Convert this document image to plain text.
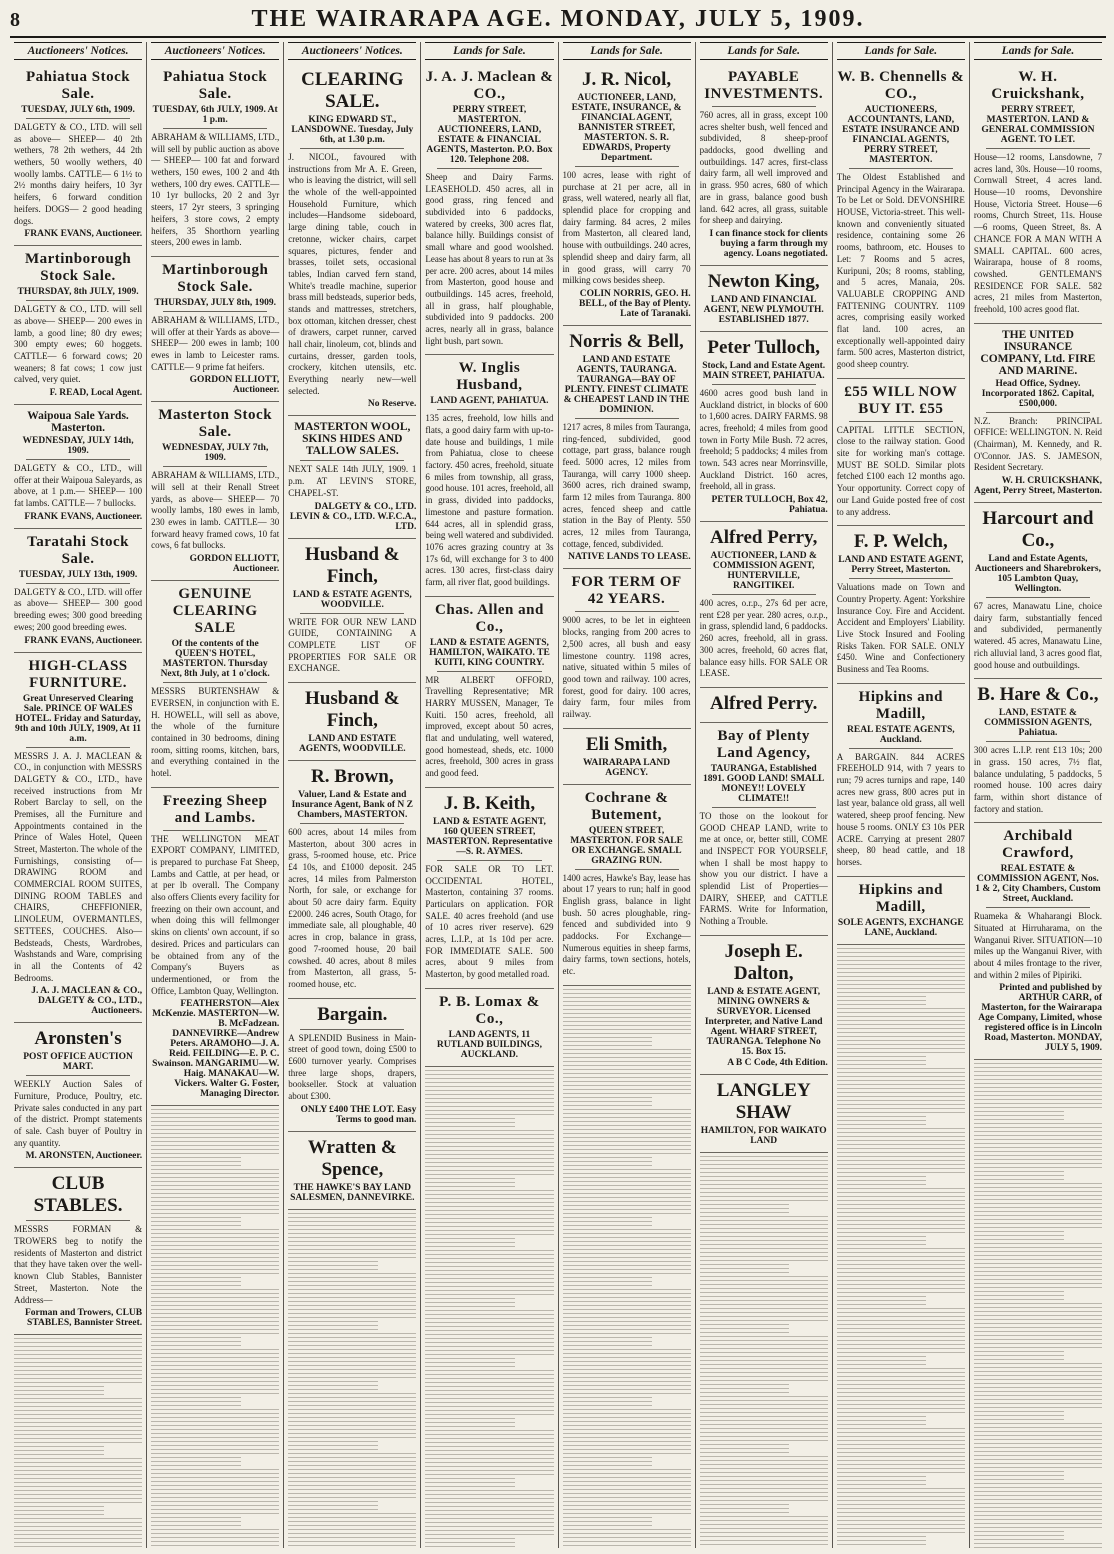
8	THE WAIRARAPA AGE. MONDAY, JULY 5, 1909.
Auctioneers' Notices.
Pahiatua Stock Sale.
TUESDAY, JULY 6th, 1909.
DALGETY & CO., LTD. will sell as above— SHEEP— 40 2th wethers, 78 2th wethers, 44 2th wethers, 50 woolly wethers, 40 woolly lambs. CATTLE— 6 1½ to 2½ months dairy heifers, 10 3yr heifers, 6 forward condition heifers. DOGS— 2 good heading dogs.
FRANK EVANS, Auctioneer.
Martinborough Stock Sale.
THURSDAY, 8th JULY, 1909.
DALGETY & CO., LTD. will sell as above— SHEEP— 200 ewes in lamb, a good line; 80 dry ewes; 300 empty ewes; 60 hoggets. CATTLE— 6 forward cows; 20 weaners; 8 fat cows; 1 cow just calved, very quiet.
F. READ, Local Agent.
Waipoua Sale Yards. Masterton.
WEDNESDAY, JULY 14th, 1909.
DALGETY & CO., LTD., will offer at their Waipoua Saleyards, as above, at 1 p.m.— SHEEP— 100 fat lambs. CATTLE— 7 bullocks.
FRANK EVANS, Auctioneer.
Taratahi Stock Sale.
TUESDAY, JULY 13th, 1909.
DALGETY & CO., LTD. will offer as above— SHEEP— 300 good breeding ewes; 300 good breeding ewes; 200 good breeding ewes.
FRANK EVANS, Auctioneer.
HIGH-CLASS FURNITURE.
Great Unreserved Clearing Sale. PRINCE OF WALES HOTEL. Friday and Saturday, 9th and 10th JULY, 1909, At 11 a.m.
MESSRS J. A. J. MACLEAN & CO., in conjunction with MESSRS DALGETY & CO., LTD., have received instructions from Mr Robert Barclay to sell, on the Premises, all the Furniture and Appointments contained in the Prince of Wales Hotel, Queen Street, Masterton. The whole of the Furnishings, consisting of— DRAWING ROOM and COMMERCIAL ROOM SUITES, DINING ROOM TABLES and CHAIRS, CHEFFIONIER, LINOLEUM, OVERMANTLES, SETTEES, COUCHES. Also— Bedsteads, Chests, Wardrobes, Washstands and Ware, comprising in all the Contents of 42 Bedrooms.
J. A. J. MACLEAN & CO., DALGETY & CO., LTD., Auctioneers.
Aronsten's
POST OFFICE AUCTION MART.
WEEKLY Auction Sales of Furniture, Produce, Poultry, etc. Private sales conducted in any part of the district. Prompt statements of sale. Cash buyer of Poultry in any quantity.
M. ARONSTEN, Auctioneer.
CLUB STABLES.
MESSRS FORMAN & TROWERS beg to notify the residents of Masterton and district that they have taken over the well-known Club Stables, Bannister Street, Masterton. Note the Address—
Forman and Trowers, CLUB STABLES, Bannister Street.
Auctioneers' Notices.
Pahiatua Stock Sale.
TUESDAY, 6th JULY, 1909. At 1 p.m.
ABRAHAM & WILLIAMS, LTD., will sell by public auction as above— SHEEP— 100 fat and forward wethers, 150 ewes, 100 2 and 4th wethers, 100 dry ewes. CATTLE— 10 1yr bullocks, 20 2 and 3yr steers, 17 2yr steers, 3 springing heifers, 3 store cows, 2 empty heifers, 35 Shorthorn yearling steers, 200 ewes in lamb.
Martinborough Stock Sale.
THURSDAY, JULY 8th, 1909.
ABRAHAM & WILLIAMS, LTD., will offer at their Yards as above— SHEEP— 200 ewes in lamb; 100 ewes in lamb to Leicester rams. CATTLE— 9 prime fat heifers.
GORDON ELLIOTT, Auctioneer.
Masterton Stock Sale.
WEDNESDAY, JULY 7th, 1909.
ABRAHAM & WILLIAMS, LTD., will sell at their Renall Street yards, as above— SHEEP— 70 woolly lambs, 180 ewes in lamb, 230 ewes in lamb. CATTLE— 30 forward heavy framed cows, 10 fat cows, 6 fat bullocks.
GORDON ELLIOTT, Auctioneer.
GENUINE CLEARING SALE
Of the contents of the QUEEN'S HOTEL, MASTERTON. Thursday Next, 8th July, at 1 o'clock.
MESSRS BURTENSHAW & EVERSEN, in conjunction with E. H. HOWELL, will sell as above, the whole of the furniture contained in 30 bedrooms, dining room, sitting rooms, kitchen, bars, and everything contained in the hotel.
Freezing Sheep and Lambs.
THE WELLINGTON MEAT EXPORT COMPANY, LIMITED, is prepared to purchase Fat Sheep, Lambs and Cattle, at per head, or at per lb overall. The Company also offers Clients every facility for freezing on their own account, and when doing this will fellmonger skins on clients' own account, if so desired. Prices and particulars can be obtained from any of the Company's Buyers as undermentioned, or from the Office, Lambton Quay, Wellington.
FEATHERSTON—Alex McKenzie. MASTERTON—W. B. McFadzean. DANNEVIRKE—Andrew Peters. ARAMOHO—J. A. Reid. FEILDING—E. P. C. Swainson. MANGARIMU—W. Haig. MANAKAU—W. Vickers. Walter G. Foster, Managing Director.
Auctioneers' Notices.
CLEARING SALE.
KING EDWARD ST., LANSDOWNE. Tuesday, July 6th, at 1.30 p.m.
J. NICOL, favoured with instructions from Mr A. E. Green, who is leaving the district, will sell the whole of the well-appointed Household Furniture, which includes—Handsome sideboard, large dining table, couch in cretonne, wicker chairs, carpet squares, pictures, fender and brasses, toilet sets, occasional tables, Indian carved fern stand, White's treadle machine, superior brass mill bedsteads, superior beds, stands and mattresses, stretchers, box ottoman, kitchen dresser, chest of drawers, carpet runner, carved hall chair, linoleum, cot, blinds and curtains, dresser, garden tools, crockery, kitchen utensils, etc. Everything nearly new—well selected.
No Reserve.
MASTERTON WOOL, SKINS HIDES AND TALLOW SALES.
NEXT SALE 14th JULY, 1909. 1 p.m. AT LEVIN'S STORE, CHAPEL-ST.
DALGETY & CO., LTD. LEVIN & CO., LTD. W.F.C.A., LTD.
Husband & Finch,
LAND & ESTATE AGENTS, WOODVILLE.
WRITE FOR OUR NEW LAND GUIDE, CONTAINING A COMPLETE LIST OF PROPERTIES FOR SALE OR EXCHANGE.
Husband & Finch,
LAND AND ESTATE AGENTS, WOODVILLE.
R. Brown,
Valuer, Land & Estate and Insurance Agent, Bank of N Z Chambers, MASTERTON.
600 acres, about 14 miles from Masterton, about 300 acres in grass, 5-roomed house, etc. Price £4 10s, and £1000 deposit. 245 acres, 14 miles from Palmerston North, for sale, or exchange for about 50 acre dairy farm. Equity £2000. 246 acres, South Otago, for immediate sale, all ploughable, 40 acres in crop, balance in grass, good 7-roomed house, 20 bail cowshed. 40 acres, about 8 miles from Masterton, all grass, 5-roomed house, etc.
Bargain.
A SPLENDID Business in Main-street of good town, doing £500 to £600 turnover yearly. Comprises three large shops, drapers, bookseller. Stock at valuation about £300.
ONLY £400 THE LOT. Easy Terms to good man.
Wratten & Spence,
THE HAWKE'S BAY LAND SALESMEN, DANNEVIRKE.
Lands for Sale.
J. A. J. Maclean & CO.,
PERRY STREET, MASTERTON. AUCTIONEERS, LAND, ESTATE & FINANCIAL AGENTS, Masterton. P.O. Box 120. Telephone 208.
Sheep and Dairy Farms. LEASEHOLD. 450 acres, all in good grass, ring fenced and subdivided into 6 paddocks, watered by creeks, 300 acres flat, balance hilly. Buildings consist of small whare and good woolshed. Lease has about 8 years to run at 3s per acre. 200 acres, about 14 miles from Masterton, good house and outbuildings. 145 acres, freehold, all in grass, half ploughable, subdivided into 9 paddocks. 200 acres, nearly all in grass, balance light bush, part sown.
W. Inglis Husband,
LAND AGENT, PAHIATUA.
135 acres, freehold, low hills and flats, a good dairy farm with up-to-date house and buildings, 1 mile from Pahiatua, close to cheese factory. 450 acres, freehold, situate 6 miles from township, all grass, good house. 101 acres, freehold, all in grass, divided into paddocks, limestone and pasture formation. 644 acres, all in splendid grass, being well watered and subdivided. 1076 acres grazing country at 3s 17s 6d, will exchange for 3 to 400 acres. 130 acres, first-class dairy farm, all river flat, good buildings.
Chas. Allen and Co.,
LAND & ESTATE AGENTS, HAMILTON, WAIKATO. TE KUITI, KING COUNTRY.
MR ALBERT OFFORD, Travelling Representative; MR HARRY MUSSEN, Manager, Te Kuiti. 150 acres, freehold, all improved, except about 50 acres, flat and undulating, well watered, good homestead, sheds, etc. 1000 acres, freehold, 300 acres in grass and good feed.
J. B. Keith,
LAND & ESTATE AGENT, 160 QUEEN STREET, MASTERTON. Representative—S. R. AYMES.
FOR SALE OR TO LET. OCCIDENTAL HOTEL, Masterton, containing 37 rooms. Particulars on application. FOR SALE. 40 acres freehold (and use of 10 acres river reserve). 629 acres, L.I.P., at 1s 10d per acre. FOR IMMEDIATE SALE. 500 acres, about 9 miles from Masterton, by good metalled road.
P. B. Lomax & Co.,
LAND AGENTS, 11 RUTLAND BUILDINGS, AUCKLAND.
Lands for Sale.
J. R. Nicol,
AUCTIONEER, LAND, ESTATE, INSURANCE, & FINANCIAL AGENT, BANNISTER STREET, MASTERTON. S. R. EDWARDS, Property Department.
100 acres, lease with right of purchase at 21 per acre, all in grass, well watered, nearly all flat, splendid place for cropping and dairy farming. 84 acres, 2 miles from Masterton, all cleared land, house with outbuildings. 240 acres, splendid sheep and dairy farm, all in good grass, will carry 70 milking cows besides sheep.
COLIN NORRIS, GEO. H. BELL, of the Bay of Plenty. Late of Taranaki.
Norris & Bell,
LAND AND ESTATE AGENTS, TAURANGA. TAURANGA—BAY OF PLENTY. FINEST CLIMATE & CHEAPEST LAND IN THE DOMINION.
1217 acres, 8 miles from Tauranga, ring-fenced, subdivided, good cottage, part grass, balance rough feed. 5000 acres, 12 miles from Tauranga, will carry 1000 sheep. 3600 acres, rich drained swamp, farm 12 miles from Tauranga. 800 acres, fenced sheep and cattle station in the Bay of Plenty. 550 acres, 12 miles from Tauranga, cottage, fenced, subdivided.
NATIVE LANDS TO LEASE.
FOR TERM OF 42 YEARS.
9000 acres, to be let in eighteen blocks, ranging from 200 acres to 2,500 acres, all bush and easy limestone country. 1198 acres, native, situated within 5 miles of good town and railway. 100 acres, forest, good for dairy. 100 acres, dairy farm, four miles from railway.
Eli Smith,
WAIRARAPA LAND AGENCY.
Cochrane & Butement,
QUEEN STREET, MASTERTON. FOR SALE OR EXCHANGE. SMALL GRAZING RUN.
1400 acres, Hawke's Bay, lease has about 17 years to run; half in good English grass, balance in light bush. 50 acres ploughable, ring-fenced and subdivided into 9 paddocks. For Exchange—Numerous equities in sheep farms, dairy farms, town sections, hotels, etc.
Lands for Sale.
PAYABLE INVESTMENTS.
760 acres, all in grass, except 100 acres shelter bush, well fenced and subdivided, 8 sheep-proof paddocks, good dwelling and outbuildings. 147 acres, first-class dairy farm, all well improved and in grass. 950 acres, 680 of which are in grass, balance good bush land. 642 acres, all grass, suitable for sheep and dairying.
I can finance stock for clients buying a farm through my agency. Loans negotiated.
Newton King,
LAND AND FINANCIAL AGENT, NEW PLYMOUTH. ESTABLISHED 1877.
Peter Tulloch,
Stock, Land and Estate Agent. MAIN STREET, PAHIATUA.
4600 acres good bush land in Auckland district, in blocks of 600 to 1,600 acres. DAIRY FARMS. 98 acres, freehold; 4 miles from good town in Forty Mile Bush. 72 acres, freehold; 5 paddocks; 4 miles from town. 543 acres near Morrinsville, Auckland District. 160 acres, freehold, all in grass.
PETER TULLOCH, Box 42, Pahiatua.
Alfred Perry,
AUCTIONEER, LAND & COMMISSION AGENT, HUNTERVILLE, RANGITIKEI.
400 acres, o.r.p., 27s 6d per acre, rent £28 per year. 280 acres, o.r.p., in grass, splendid land, 6 paddocks. 260 acres, freehold, all in grass. 300 acres, freehold, 60 acres flat, balance easy hills. FOR SALE OR LEASE.
Alfred Perry.
Bay of Plenty Land Agency,
TAURANGA, Established 1891. GOOD LAND! SMALL MONEY!! LOVELY CLIMATE!!
TO those on the lookout for GOOD CHEAP LAND, write to me at once, or, better still, COME and INSPECT FOR YOURSELF, when I shall be most happy to show you our district. I have a splendid List of Properties—DAIRY, SHEEP, and CATTLE FARMS. Write for Information, Nothing a Trouble.
Joseph E. Dalton,
LAND & ESTATE AGENT, MINING OWNERS & SURVEYOR. Licensed Interpreter, and Native Land Agent. WHARF STREET, TAURANGA. Telephone No 15. Box 15.
A B C Code, 4th Edition.
LANGLEY SHAW
HAMILTON, FOR WAIKATO LAND
Lands for Sale.
W. B. Chennells & CO.,
AUCTIONEERS, ACCOUNTANTS, LAND, ESTATE INSURANCE AND FINANCIAL AGENTS, PERRY STREET, MASTERTON.
The Oldest Established and Principal Agency in the Wairarapa. To be Let or Sold. DEVONSHIRE HOUSE, Victoria-street. This well-known and conveniently situated residence, containing some 26 rooms, bathroom, etc. Houses to Let: 7 Rooms and 5 acres, Kuripuni, 20s; 8 rooms, stabling, and 5 acres, Manaia, 20s. VALUABLE CROPPING AND FATTENING COUNTRY. 1109 acres, comprising easily worked flat land. 100 acres, an exceptionally well-appointed dairy farm. 500 acres, Masterton district, good sheep country.
£55 WILL NOW BUY IT. £55
CAPITAL LITTLE SECTION, close to the railway station. Good site for working man's cottage. MUST BE SOLD. Similar plots fetched £100 each 12 months ago. Your opportunity. Correct copy of our Land Guide posted free of cost to any address.
F. P. Welch,
LAND AND ESTATE AGENT, Perry Street, Masterton.
Valuations made on Town and Country Property. Agent: Yorkshire Insurance Coy. Fire and Accident. Accident and Employers' Liability. Live Stock Insured and Fooling Risks Taken. FOR SALE. ONLY £450. Wine and Confectionery Business and Tea Rooms.
Hipkins and Madill,
REAL ESTATE AGENTS, Auckland.
A BARGAIN. 844 ACRES FREEHOLD 914, with 7 years to run; 79 acres turnips and rape, 140 acres new grass, 800 acres put in last year, balance old grass, all well watered, sheep proof fencing. New house 5 rooms. ONLY £3 10s PER ACRE. Carrying at present 2807 sheep, 80 head cattle, and 18 horses.
Hipkins and Madill,
SOLE AGENTS, EXCHANGE LANE, Auckland.
Lands for Sale.
W. H. Cruickshank,
PERRY STREET, MASTERTON. LAND & GENERAL COMMISSION AGENT. TO LET.
House—12 rooms, Lansdowne, 7 acres land, 30s. House—10 rooms, Cornwall Street, 4 acres land. House—10 rooms, Devonshire House, Victoria Street. House—6 rooms, Church Street, 11s. House—6 rooms, Queen Street, 8s. A CHANCE FOR A MAN WITH A SMALL CAPITAL. 600 acres, Wairarapa, house of 8 rooms, cowshed. GENTLEMAN'S RESIDENCE FOR SALE. 582 acres, 21 miles from Masterton, freehold, 100 acres good flat.
THE UNITED INSURANCE COMPANY, Ltd. FIRE AND MARINE.
Head Office, Sydney. Incorporated 1862. Capital, £500,000.
N.Z. Branch: PRINCIPAL OFFICE: WELLINGTON. N. Reid (Chairman), M. Kennedy, and R. O'Connor. JAS. S. JAMESON, Resident Secretary.
W. H. CRUICKSHANK, Agent, Perry Street, Masterton.
Harcourt and Co.,
Land and Estate Agents, Auctioneers and Sharebrokers, 105 Lambton Quay, Wellington.
67 acres, Manawatu Line, choice dairy farm, substantially fenced and subdivided, permanently watered. 45 acres, Manawatu Line, rich alluvial land, 3 acres good flat, good house and outbuildings.
B. Hare & Co.,
LAND, ESTATE & COMMISSION AGENTS, Pahiatua.
300 acres L.I.P. rent £13 10s; 200 in grass. 150 acres, 7½ flat, balance undulating, 5 paddocks, 5 roomed house. 100 acres dairy farm, within short distance of factory and station.
Archibald Crawford,
REAL ESTATE & COMMISSION AGENT, Nos. 1 & 2, City Chambers, Custom Street, Auckland.
Ruameka & Whaharangi Block. Situated at Hirruharama, on the Wanganui River. SITUATION—10 miles up the Wanganui River, with about 4 miles frontage to the river, and within 2 miles of Pipiriki.
Printed and published by ARTHUR CARR, of Masterton, for the Wairarapa Age Company, Limited, whose registered office is in Lincoln Road, Masterton. MONDAY, JULY 5, 1909.
